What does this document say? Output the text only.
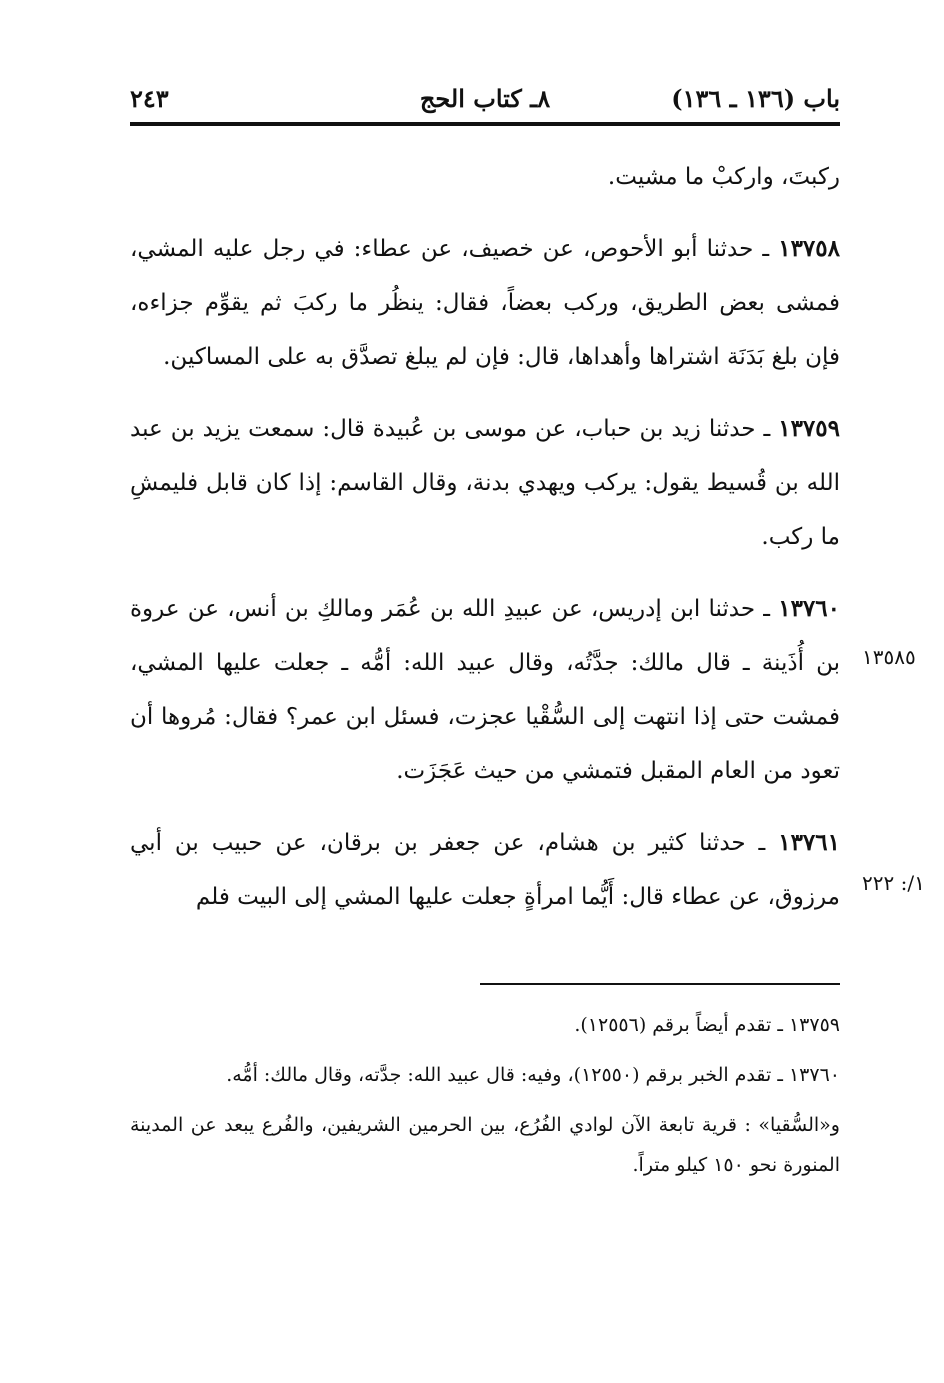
باب (١٣٦ ـ ١٣٦)
٨ـ كتاب الحج
٢٤٣

ركبتَ، واركبْ ما مشيت.

١٣٧٥٨ ـ حدثنا أبو الأحوص، عن خصيف، عن عطاء: في رجل عليه المشي، فمشى بعض الطريق، وركب بعضاً، فقال: ينظُر ما ركبَ ثم يقوِّم جزاءه، فإن بلغ بَدَنَة اشتراها وأهداها، قال: فإن لم يبلغ تصدَّق به على المساكين.

١٣٧٥٩ ـ حدثنا زيد بن حباب، عن موسى بن عُبيدة قال: سمعت يزيد بن عبد الله بن قُسيط يقول: يركب ويهدي بدنة، وقال القاسم: إذا كان قابل فليمشِ ما ركب.

١٣٧٦٠ ـ حدثنا ابن إدريس، عن عبيدِ الله بن عُمَر ومالكِ بن أنس، عن عروة بن أُذَينة ـ قال مالك: جدَّتُه، وقال عبيد الله: أمُّه ـ جعلت عليها المشي، فمشت حتى إذا انتهت إلى السُّقْيا عجزت، فسئل ابن عمر؟ فقال: مُروها أن تعود من العام المقبل فتمشي من حيث عَجَزَت.

١٣٧٦١ ـ حدثنا كثير بن هشام، عن جعفر بن برقان، عن حبيب بن أبي مرزوق، عن عطاء قال: أَيُّما امرأةٍ جعلت عليها المشي إلى البيت فلم

١٣٥٨٥
١/: ٢٢٢

١٣٧٥٩ ـ تقدم أيضاً برقم (١٢٥٥٦).

١٣٧٦٠ ـ تقدم الخبر برقم (١٢٥٥٠)، وفيه: قال عبيد الله: جدَّته، وقال مالك: أمُّه.

و«السُّقيا» : قرية تابعة الآن لوادي الفُرُع، بين الحرمين الشريفين، والفُرع يبعد عن المدينة المنورة نحو ١٥٠ كيلو متراً.
